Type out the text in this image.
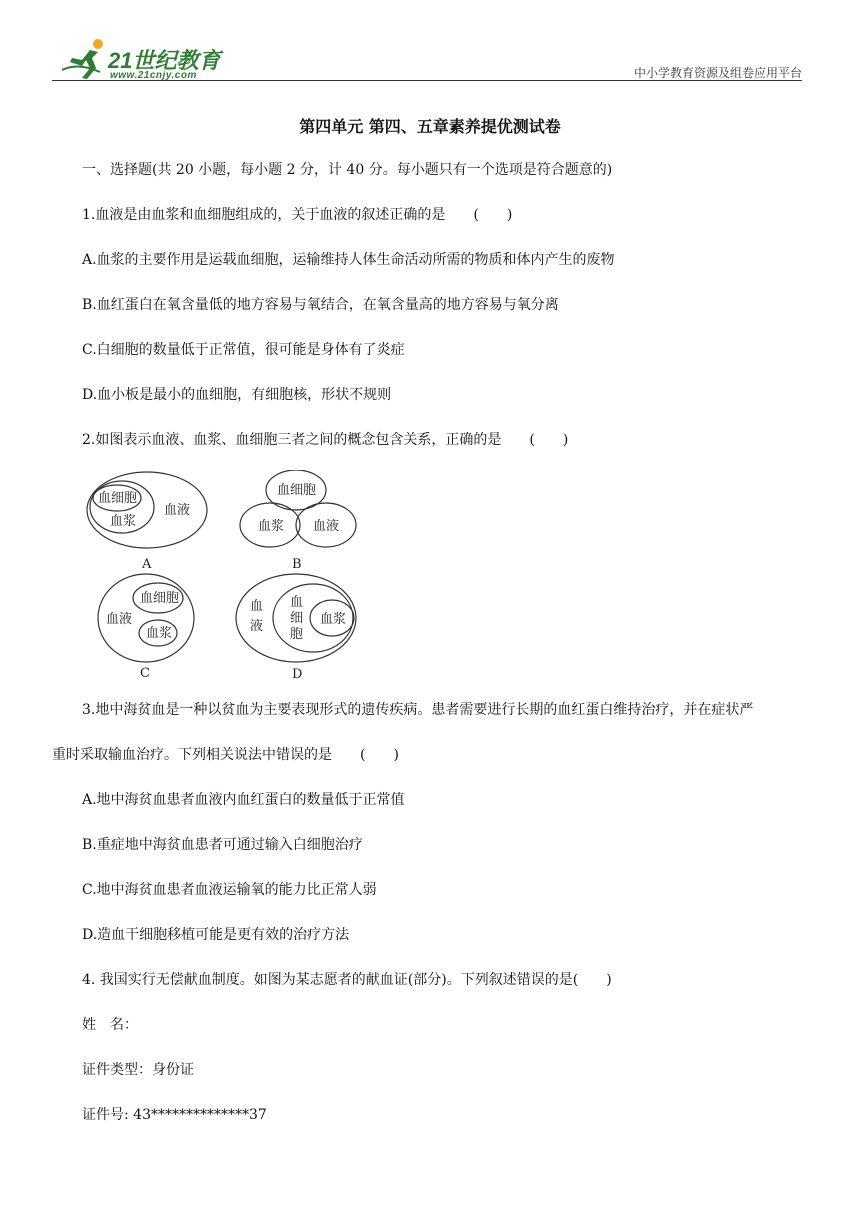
21世纪教育
www.21cnjy.com	中小学教育资源及组卷应用平台
第四单元 第四、五章素养提优测试卷
一、选择题(共 20 小题，每小题 2 分，计 40 分。每小题只有一个选项是符合题意的)
1.血液是由血浆和血细胞组成的，关于血液的叙述正确的是　　(　　)
A.血浆的主要作用是运载血细胞，运输维持人体生命活动所需的物质和体内产生的废物
B.血红蛋白在氧含量低的地方容易与氧结合，在氧含量高的地方容易与氧分离
C.白细胞的数量低于正常值，很可能是身体有了炎症
D.血小板是最小的血细胞，有细胞核，形状不规则
2.如图表示血液、血浆、血细胞三者之间的概念包含关系，正确的是　　(　　)
血细胞
血浆
血液
A
血细胞
血浆 血液
B
血细胞
血浆
血液
C
血
液
血
细
胞
血浆
D
3.地中海贫血是一种以贫血为主要表现形式的遗传疾病。患者需要进行长期的血红蛋白维持治疗，并在症状严
重时采取输血治疗。下列相关说法中错误的是　　(　　)
A.地中海贫血患者血液内血红蛋白的数量低于正常值
B.重症地中海贫血患者可通过输入白细胞治疗
C.地中海贫血患者血液运输氧的能力比正常人弱
D.造血干细胞移植可能是更有效的治疗方法
4. 我国实行无偿献血制度。如图为某志愿者的献血证(部分)。下列叙述错误的是(　　)
姓　名：
证件类型：身份证
证件号: 43**************37
